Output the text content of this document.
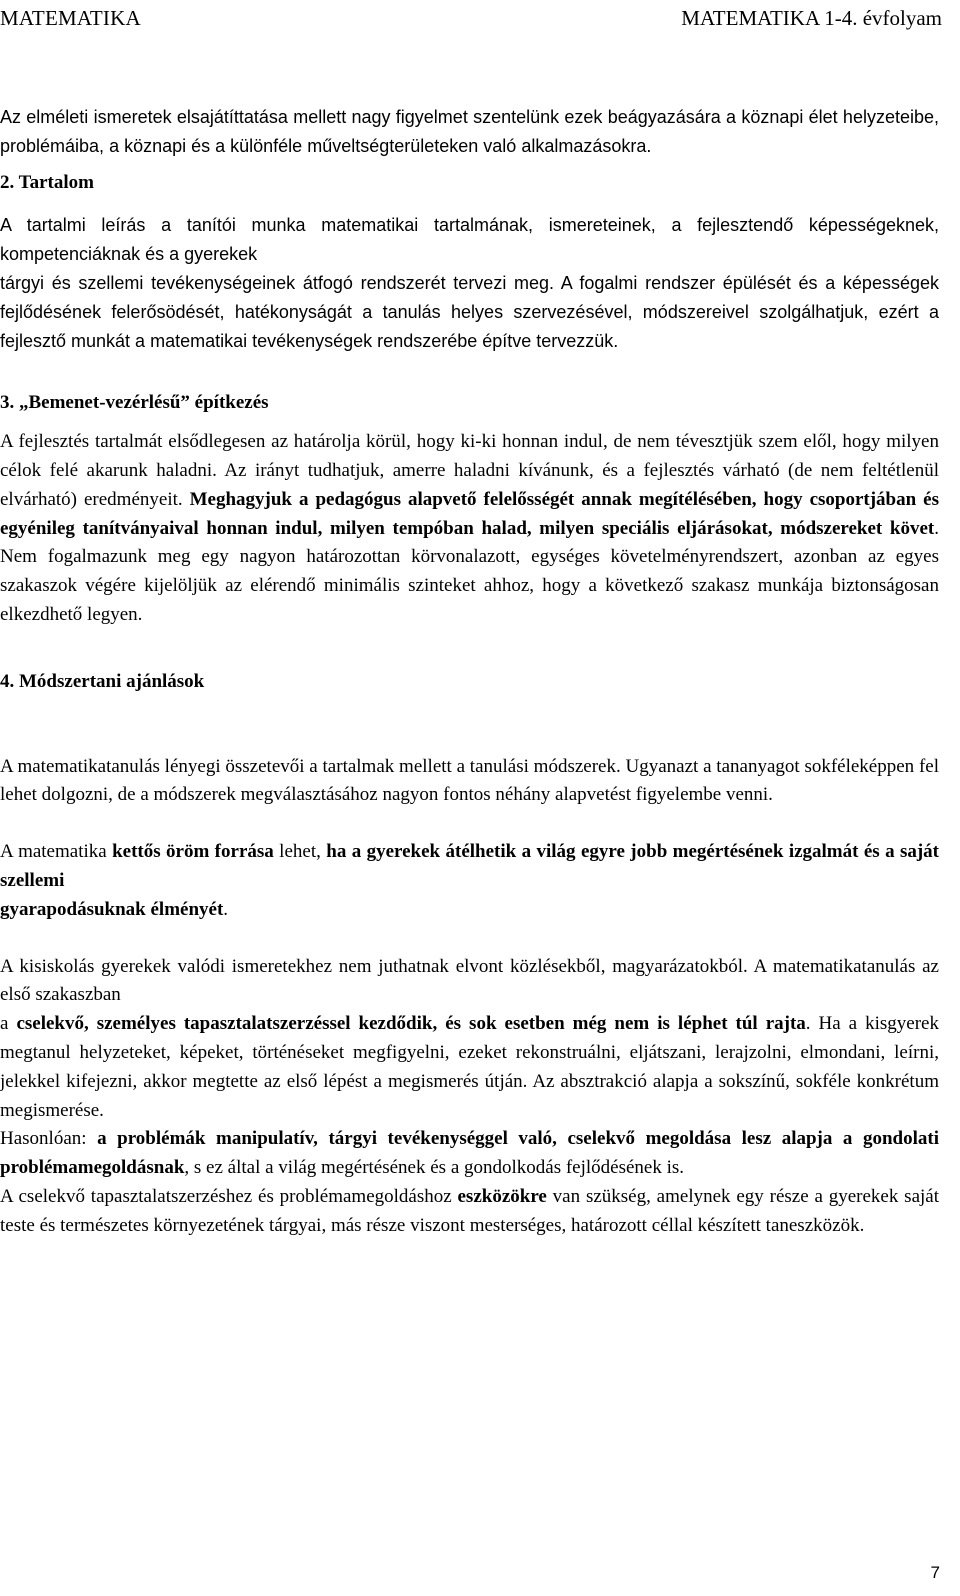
MATEMATIKA	MATEMATIKA 1-4. évfolyam

Az elméleti ismeretek elsajátíttatása mellett nagy figyelmet szentelünk ezek beágyazására a köznapi élet helyzeteibe, problémáiba, a köznapi és a különféle műveltségterületeken való alkalmazásokra.

2. Tartalom

A tartalmi leírás a tanítói munka matematikai tartalmának, ismereteinek, a fejlesztendő képességeknek, kompetenciáknak és a gyerekek
tárgyi és szellemi tevékenységeinek átfogó rendszerét tervezi meg. A fogalmi rendszer épülését és a képességek fejlődésének felerősödését, hatékonyságát a tanulás helyes szervezésével, módszereivel szolgálhatjuk, ezért a fejlesztő munkát a matematikai tevékenységek rendszerébe építve tervezzük.

3. „Bemenet-vezérlésű” építkezés

A fejlesztés tartalmát elsődlegesen az határolja körül, hogy ki-ki honnan indul, de nem tévesztjük szem elől, hogy milyen célok felé akarunk haladni. Az irányt tudhatjuk, amerre haladni kívánunk, és a fejlesztés várható (de nem feltétlenül elvárható) eredményeit. Meghagyjuk a pedagógus alapvető felelősségét annak megítélésében, hogy csoportjában és egyénileg tanítványaival honnan indul, milyen tempóban halad, milyen speciális eljárásokat, módszereket követ. Nem fogalmazunk meg egy nagyon határozottan körvonalazott, egységes követelményrendszert, azonban az egyes szakaszok végére kijelöljük az elérendő minimális szinteket ahhoz, hogy a következő szakasz munkája biztonságosan elkezdhető legyen.

4. Módszertani ajánlások

A matematikatanulás lényegi összetevői a tartalmak mellett a tanulási módszerek. Ugyanazt a tananyagot sokféleképpen fel lehet dolgozni, de a módszerek megválasztásához nagyon fontos néhány alapvetést figyelembe venni.

A matematika kettős öröm forrása lehet, ha a gyerekek átélhetik a világ egyre jobb megértésének izgalmát és a saját szellemi
gyarapodásuknak élményét.

A kisiskolás gyerekek valódi ismeretekhez nem juthatnak elvont közlésekből, magyarázatokból. A matematikatanulás az első szakaszban
a cselekvő, személyes tapasztalatszerzéssel kezdődik, és sok esetben még nem is léphet túl rajta. Ha a kisgyerek megtanul helyzeteket, képeket, történéseket megfigyelni, ezeket rekonstruálni, eljátszani, lerajzolni, elmondani, leírni, jelekkel kifejezni, akkor megtette az első lépést a megismerés útján. Az absztrakció alapja a sokszínű, sokféle konkrétum megismerése.

Hasonlóan: a problémák manipulatív, tárgyi tevékenységgel való, cselekvő megoldása lesz alapja a gondolati problémamegoldásnak, s ez által a világ megértésének és a gondolkodás fejlődésének is.

A cselekvő tapasztalatszerzéshez és problémamegoldáshoz eszközökre van szükség, amelynek egy része a gyerekek saját teste és természetes környezetének tárgyai, más része viszont mesterséges, határozott céllal készített taneszközök.

7
